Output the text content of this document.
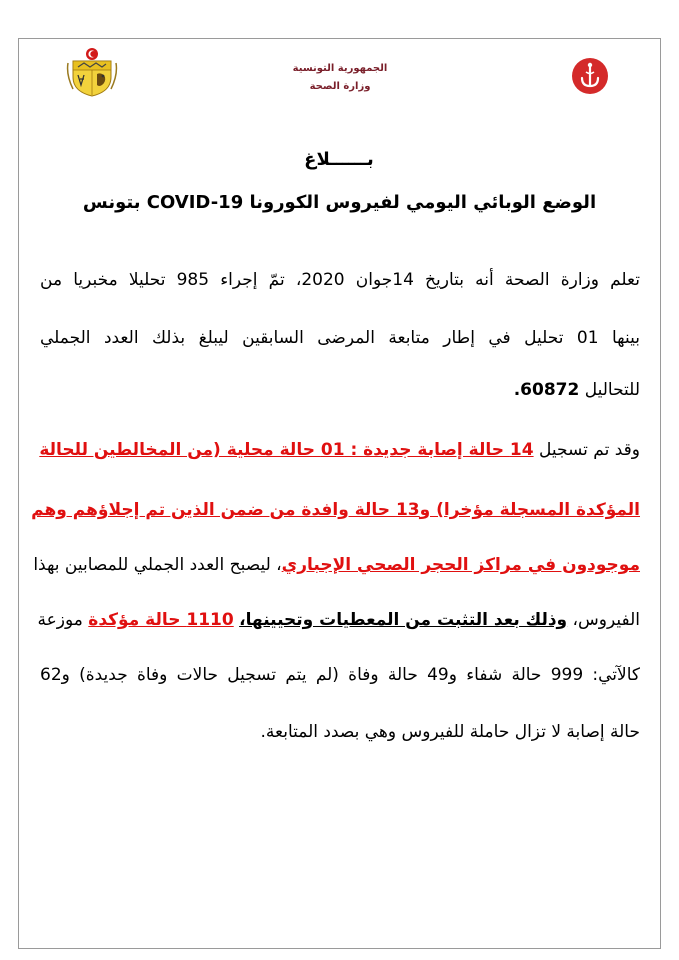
الجمهورية التونسية
وزارة الصحة
بــــــلاغ
الوضع الوبائي اليومي لفيروس الكورونا COVID-19 بتونس
تعلم وزارة الصحة أنه بتاريخ 14جوان 2020، تمّ إجراء 985 تحليلا مخبريا من
بينها 01 تحليل في إطار متابعة المرضى السابقين ليبلغ بذلك العدد الجملي
للتحاليل 60872.
وقد تم تسجيل 14 حالة إصابة جديدة : 01 حالة محلية (من المخالطين للحالة
المؤكدة المسجلة مؤخرا) و13 حالة وافدة من ضمن الذين تم إجلاؤهم وهم
موجودون في مراكز الحجر الصحي الإجباري، ليصبح العدد الجملي للمصابين بهذا
الفيروس، وذلك بعد التثبت من المعطيات وتحيينها، 1110 حالة مؤكدة موزعة
كالآتي: 999 حالة شفاء و49 حالة وفاة (لم يتم تسجيل حالات وفاة جديدة) و62
حالة إصابة لا تزال حاملة للفيروس وهي بصدد المتابعة.
